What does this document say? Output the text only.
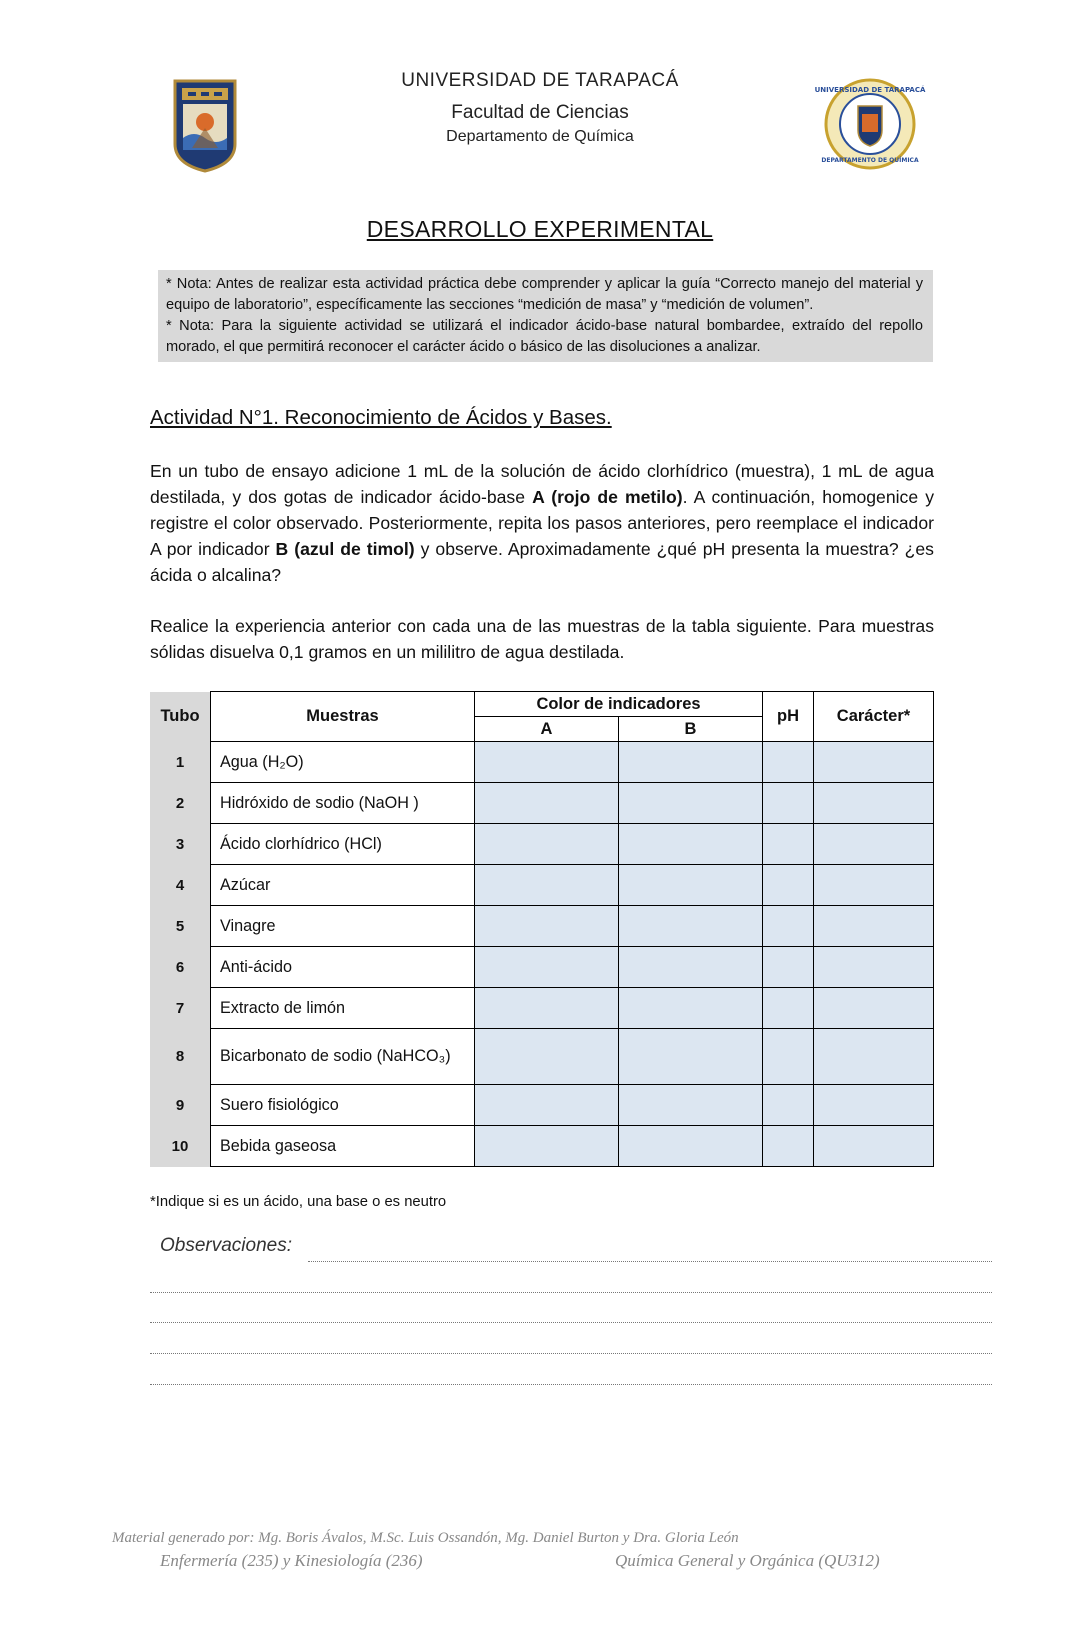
UNIVERSIDAD DE TARAPACÁ
DEPARTAMENTO DE QUÍMICA
UNIVERSIDAD DE TARAPACÁ
Facultad de Ciencias
Departamento de Química
DESARROLLO EXPERIMENTAL

* Nota: Antes de realizar esta actividad práctica debe comprender y aplicar la guía “Correcto manejo del material y equipo de laboratorio”, específicamente las secciones “medición de masa” y “medición de volumen”.

* Nota: Para la siguiente actividad se utilizará el indicador ácido-base natural bombardee, extraído del repollo morado, el que permitirá reconocer el carácter ácido o básico de las disoluciones a analizar.

Actividad N°1. Reconocimiento de Ácidos y Bases.

En un tubo de ensayo adicione 1 mL de la solución de ácido clorhídrico (muestra), 1 mL de agua destilada, y dos gotas de indicador ácido-base A (rojo de metilo). A continuación, homogenice y registre el color observado. Posteriormente, repita los pasos anteriores, pero reemplace el indicador A por indicador B (azul de timol) y observe. Aproximadamente ¿qué pH presenta la muestra? ¿es ácida o alcalina?

Realice la experiencia anterior con cada una de las muestras de la tabla siguiente. Para muestras sólidas disuelva 0,1 gramos en un mililitro de agua destilada.

Tubo	Muestras	Color de indicadores		pH	Carácter*
		A	B		
1	Agua (H₂O)				
2	Hidróxido de sodio (NaOH )				
3	Ácido clorhídrico (HCl)				
4	Azúcar				
5	Vinagre				
6	Anti-ácido				
7	Extracto de limón				
8	Bicarbonato de sodio (NaHCO₃)				
9	Suero fisiológico				
10	Bebida gaseosa				
*Indique si es un ácido, una base o es neutro
Observaciones:
Material generado por: Mg. Boris Ávalos, M.Sc. Luis Ossandón, Mg. Daniel Burton y Dra. Gloria León
Enfermería (235) y Kinesiología (236)	Química General y Orgánica (QU312)
